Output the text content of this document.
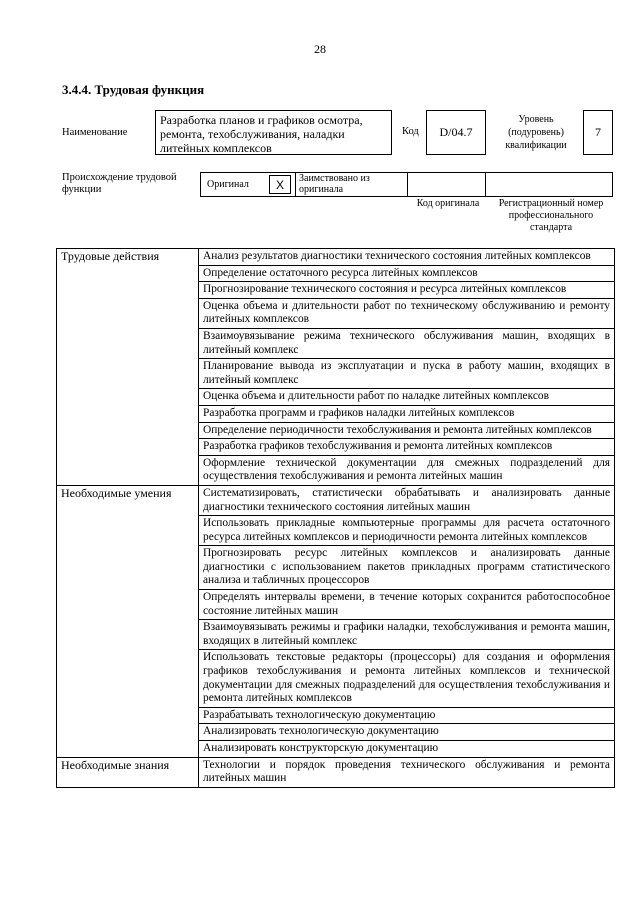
28
3.4.4. Трудовая функция
Наименование
Разработка планов и графиков осмотра, ремонта, техобслуживания, наладки литейных комплексов
Код D/04.7
Уровень (подуровень) квалификации
7
Происхождение трудовой функции	Оригинал	X	Заимствовано из оригинала
Код оригинала	Регистрационный номер профессионального стандарта
Трудовые действия	Анализ результатов диагностики технического состояния литейных комплексов
	Определение остаточного ресурса литейных комплексов
	Прогнозирование технического состояния и ресурса литейных комплексов
	Оценка объема и длительности работ по техническому обслуживанию и ремонту литейных комплексов
	Взаимоувязывание режима технического обслуживания машин, входящих в литейный комплекс
	Планирование вывода из эксплуатации и пуска в работу машин, входящих в литейный комплекс
	Оценка объема и длительности работ по наладке литейных комплексов
	Разработка программ и графиков наладки литейных комплексов
	Определение периодичности техобслуживания и ремонта литейных комплексов
	Разработка графиков техобслуживания и ремонта литейных комплексов
	Оформление технической документации для смежных подразделений для осуществления техобслуживания и ремонта литейных машин
Необходимые умения	Систематизировать, статистически обрабатывать и анализировать данные диагностики технического состояния литейных машин
	Использовать прикладные компьютерные программы для расчета остаточного ресурса литейных комплексов и периодичности ремонта литейных комплексов
	Прогнозировать ресурс литейных комплексов и анализировать данные диагностики с использованием пакетов прикладных программ статистического анализа и табличных процессоров
	Определять интервалы времени, в течение которых сохранится работоспособное состояние литейных машин
	Взаимоувязывать режимы и графики наладки, техобслуживания и ремонта машин, входящих в литейный комплекс
	Использовать текстовые редакторы (процессоры) для создания и оформления графиков техобслуживания и ремонта литейных комплексов и технической документации для смежных подразделений для осуществления техобслуживания и ремонта литейных комплексов
	Разрабатывать технологическую документацию
	Анализировать технологическую документацию
	Анализировать конструкторскую документацию
Необходимые знания	Технологии и порядок проведения технического обслуживания и ремонта литейных машин
